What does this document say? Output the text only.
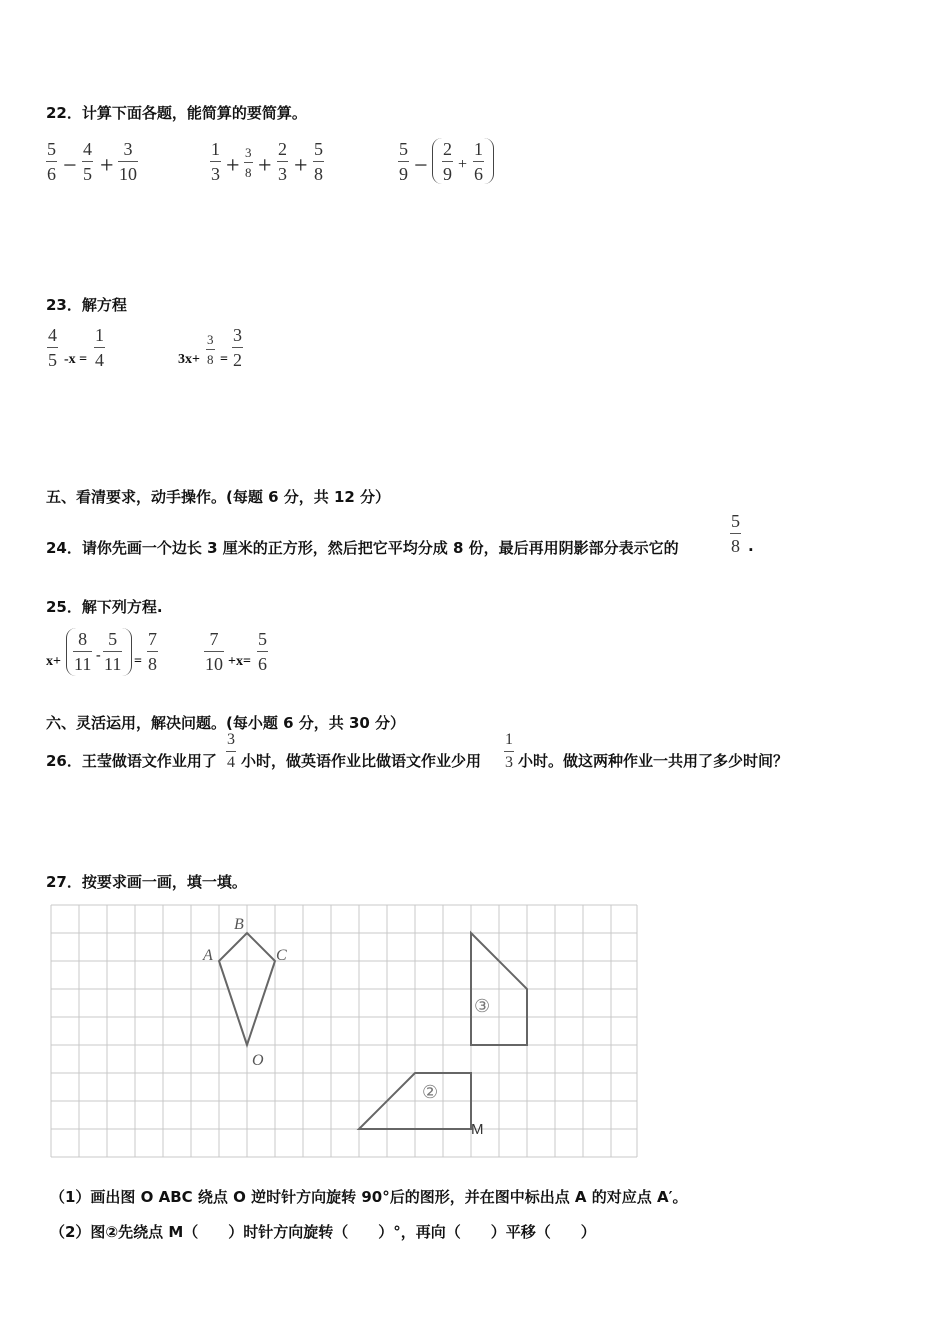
22．计算下面各题，能简算的要简算。
$\frac{5}{6} - \frac{4}{5} + \frac{3}{10}$	$\frac{1}{3} + \frac{3}{8} + \frac{2}{3} + \frac{5}{8}$	$\frac{5}{9} - \frac{2}{9} + \frac{1}{6}$
23．解方程
$\frac{4}{5} -x = \frac{1}{4}$	$3x+ \frac{3}{8} = \frac{3}{2}$
五、看清要求，动手操作。(每题 6 分，共 12 分）
24．请你先画一个边长 3 厘米的正方形，然后把它平均分成 8 份，最后再用阴影部分表示它的	$\frac{5}{8}$ .
25．解下列方程.
$x+ \frac{8}{11} - \frac{5}{11} = \frac{7}{8}$	$\frac{7}{10} +x= \frac{5}{6}$
六、灵活运用，解决问题。(每小题 6 分，共 30 分）
26．王莹做语文作业用了 $\frac{3}{4}$ 小时，做英语作业比做语文作业少用 $\frac{1}{3}$ 小时。做这两种作业一共用了多少时间？
27．按要求画一画，填一填。
B
A	C
O
③
②
M
（1）画出图 O ABC 绕点 O 逆时针方向旋转 90°后的图形，并在图中标出点 A 的对应点 A′。
（2）图②先绕点 M（　　）时针方向旋转（　　）°，再向（　　）平移（　　）
